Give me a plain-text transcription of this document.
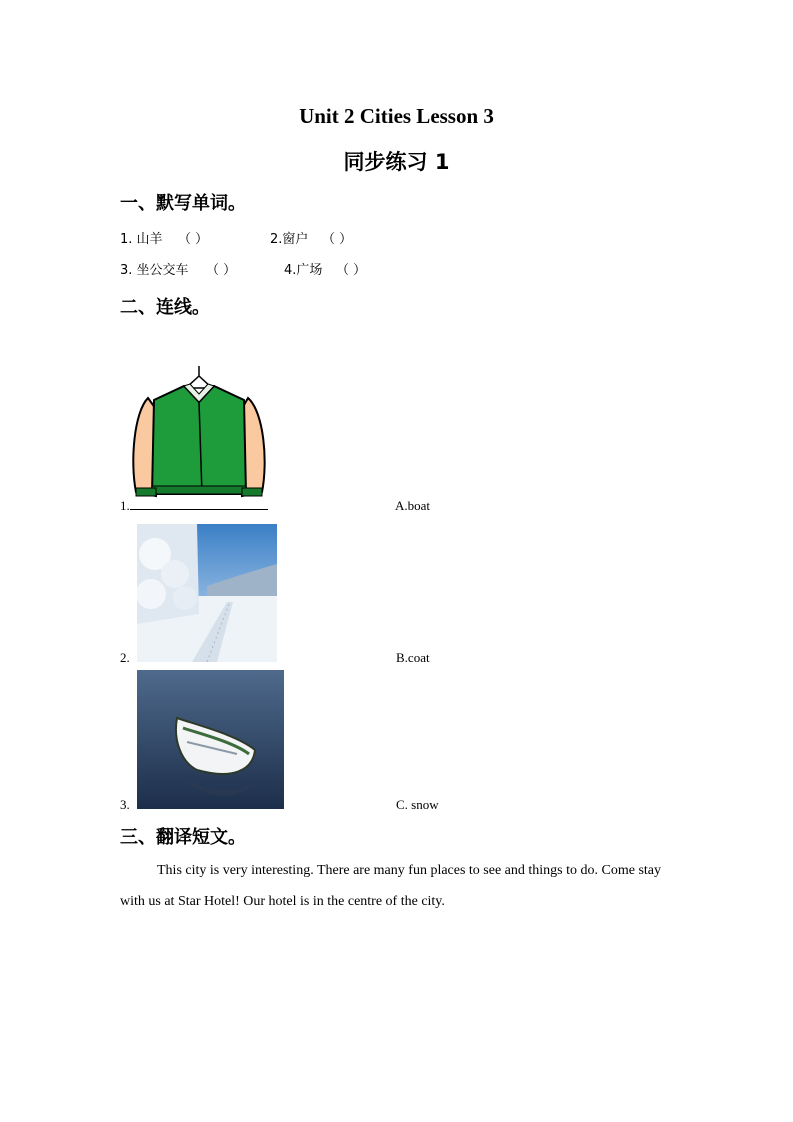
Unit 2 Cities Lesson 3
同步练习 1
一、默写单词。
1. 山羊 （ ）	2.窗户 （ ）
3. 坐公交车 （ ）	4.广场 （ ）
二、连线。
1.	A.boat
2.	B.coat
3.	C. snow
三、翻译短文。
This city is very interesting. There are many fun places to see and things to do. Come stay
with us at Star Hotel! Our hotel is in the centre of the city.
